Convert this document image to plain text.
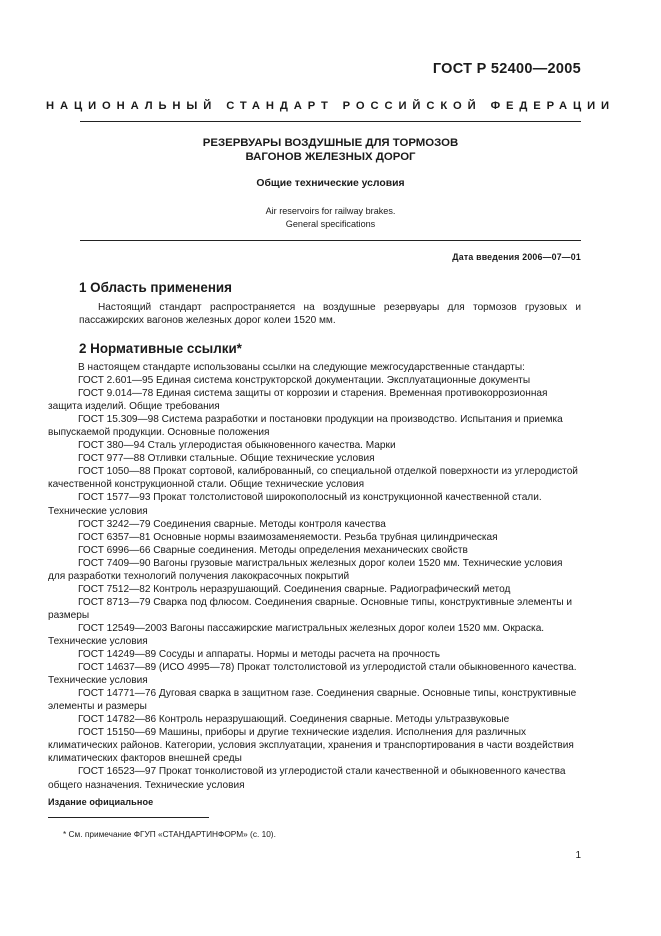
ГОСТ Р 52400—2005
НАЦИОНАЛЬНЫЙ СТАНДАРТ РОССИЙСКОЙ ФЕДЕРАЦИИ
РЕЗЕРВУАРЫ ВОЗДУШНЫЕ ДЛЯ ТОРМОЗОВ
ВАГОНОВ ЖЕЛЕЗНЫХ ДОРОГ
Общие технические условия
Air reservoirs for railway brakes.
General specifications
Дата введения 2006—07—01
1 Область применения
Настоящий стандарт распространяется на воздушные резервуары для тормозов грузовых и пассажирских вагонов железных дорог колеи 1520 мм.
2 Нормативные ссылки*
В настоящем стандарте использованы ссылки на следующие межгосударственные стандарты:
ГОСТ 2.601—95 Единая система конструкторской документации. Эксплуатационные документы
ГОСТ 9.014—78 Единая система защиты от коррозии и старения. Временная противокоррозионная защита изделий. Общие требования
ГОСТ 15.309—98 Система разработки и постановки продукции на производство. Испытания и приемка выпускаемой продукции. Основные положения
ГОСТ 380—94 Сталь углеродистая обыкновенного качества. Марки
ГОСТ 977—88 Отливки стальные. Общие технические условия
ГОСТ 1050—88 Прокат сортовой, калиброванный, со специальной отделкой поверхности из углеродистой качественной конструкционной стали. Общие технические условия
ГОСТ 1577—93 Прокат толстолистовой широкополосный из конструкционной качественной стали. Технические условия
ГОСТ 3242—79 Соединения сварные. Методы контроля качества
ГОСТ 6357—81 Основные нормы взаимозаменяемости. Резьба трубная цилиндрическая
ГОСТ 6996—66 Сварные соединения. Методы определения механических свойств
ГОСТ 7409—90 Вагоны грузовые магистральных железных дорог колеи 1520 мм. Технические условия для разработки технологий получения лакокрасочных покрытий
ГОСТ 7512—82 Контроль неразрушающий. Соединения сварные. Радиографический метод
ГОСТ 8713—79 Сварка под флюсом. Соединения сварные. Основные типы, конструктивные элементы и размеры
ГОСТ 12549—2003 Вагоны пассажирские магистральных железных дорог колеи 1520 мм. Окраска. Технические условия
ГОСТ 14249—89 Сосуды и аппараты. Нормы и методы расчета на прочность
ГОСТ 14637—89 (ИСО 4995—78) Прокат толстолистовой из углеродистой стали обыкновенного качества. Технические условия
ГОСТ 14771—76 Дуговая сварка в защитном газе. Соединения сварные. Основные типы, конструктивные элементы и размеры
ГОСТ 14782—86 Контроль неразрушающий. Соединения сварные. Методы ультразвуковые
ГОСТ 15150—69 Машины, приборы и другие технические изделия. Исполнения для различных климатических районов. Категории, условия эксплуатации, хранения и транспортирования в части воздействия климатических факторов внешней среды
ГОСТ 16523—97 Прокат тонколистовой из углеродистой стали качественной и обыкновенного качества общего назначения. Технические условия
Издание официальное
* См. примечание ФГУП «СТАНДАРТИНФОРМ» (с. 10).
1
